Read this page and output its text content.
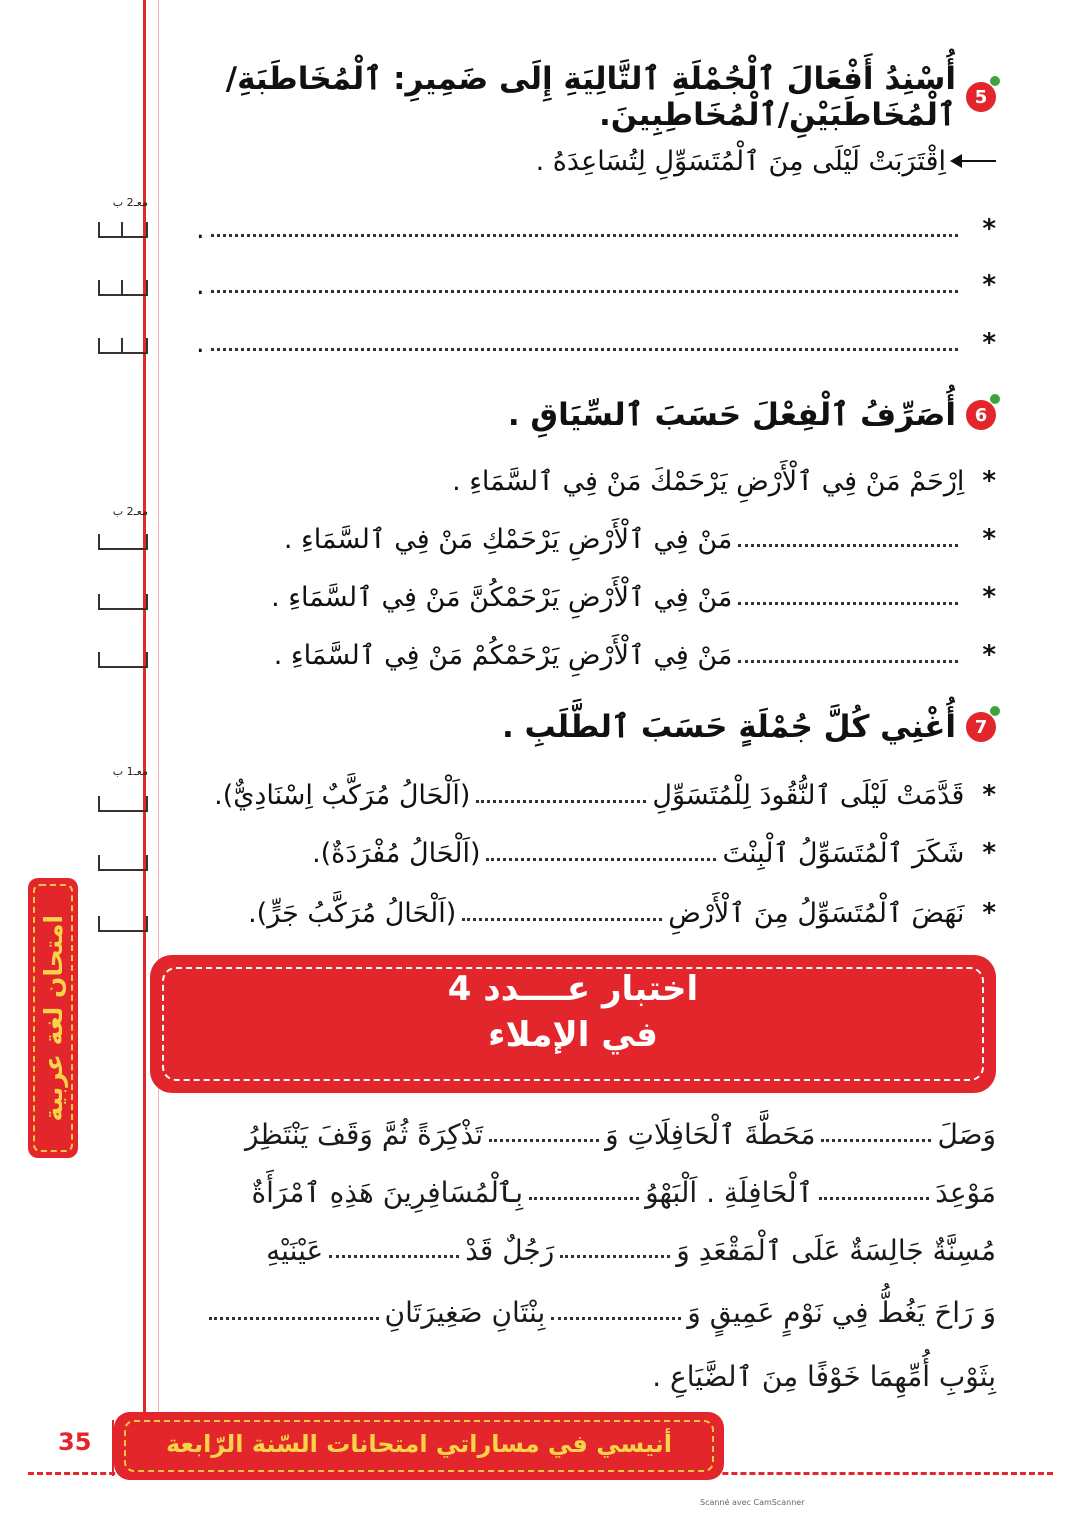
امتحان لغة عربية
5
أُسْنِدُ أَفْعَالَ ٱلْجُمْلَةِ ٱلتَّالِيَةِ إِلَى ضَمِيرِ: ٱلْمُخَاطَبَةِ/ٱلْمُخَاطَبَيْنِ/ٱلْمُخَاطِبِينَ.
اِقْتَرَبَتْ لَيْلَى مِنَ ٱلْمُتَسَوِّلِ لِتُسَاعِدَهُ .
*
.
*
.
*
.
معـ2 ب
6
أُصَرِّفُ ٱلْفِعْلَ حَسَبَ ٱلسِّيَاقِ .
*
اِرْحَمْ مَنْ فِي ٱلْأَرْضِ يَرْحَمْكَ مَنْ فِي ٱلسَّمَاءِ .
*
مَنْ فِي ٱلْأَرْضِ يَرْحَمْكِ مَنْ فِي ٱلسَّمَاءِ .
*
مَنْ فِي ٱلْأَرْضِ يَرْحَمْكُنَّ مَنْ فِي ٱلسَّمَاءِ .
*
مَنْ فِي ٱلْأَرْضِ يَرْحَمْكُمْ مَنْ فِي ٱلسَّمَاءِ .
معـ2 ب
7
أُغْنِي كُلَّ جُمْلَةٍ حَسَبَ ٱلطَّلَبِ .
*
قَدَّمَتْ لَيْلَى ٱلنُّقُودَ لِلْمُتَسَوِّلِ
(اَلْحَالُ مُرَكَّبٌ اِسْنَادِيٌّ).
*
شَكَرَ ٱلْمُتَسَوِّلُ ٱلْبِنْتَ
(اَلْحَالُ مُفْرَدَةٌ).
*
نَهَضَ ٱلْمُتَسَوِّلُ مِنَ ٱلْأَرْضِ
(اَلْحَالُ مُرَكَّبُ جَرٍّ).
معـ1 ب
اختبار عــــدد 4
في الإملاء
وَصَلَ
مَحَطَّةَ ٱلْحَافِلَاتِ وَ
تَذْكِرَةً ثُمَّ وَقَفَ يَنْتَظِرُ
مَوْعِدَ
ٱلْحَافِلَةِ . اَلْبَهْوُ
بِٱلْمُسَافِرِينَ هَذِهِ ٱمْرَأَةٌ
مُسِنَّةٌ جَالِسَةٌ عَلَى ٱلْمَقْعَدِ وَ
رَجُلٌ قَدْ
عَيْنَيْهِ
وَ رَاحَ يَغُطُّ فِي نَوْمٍ عَمِيقٍ وَ
بِنْتَانِ صَغِيرَتَانِ
بِثَوْبِ أُمِّهِمَا خَوْفًا مِنَ ٱلضَّيَاعِ .
35	أنيسي في مساراتي امتحانات السّنة الرّابعة
Scanné avec CamScanner
